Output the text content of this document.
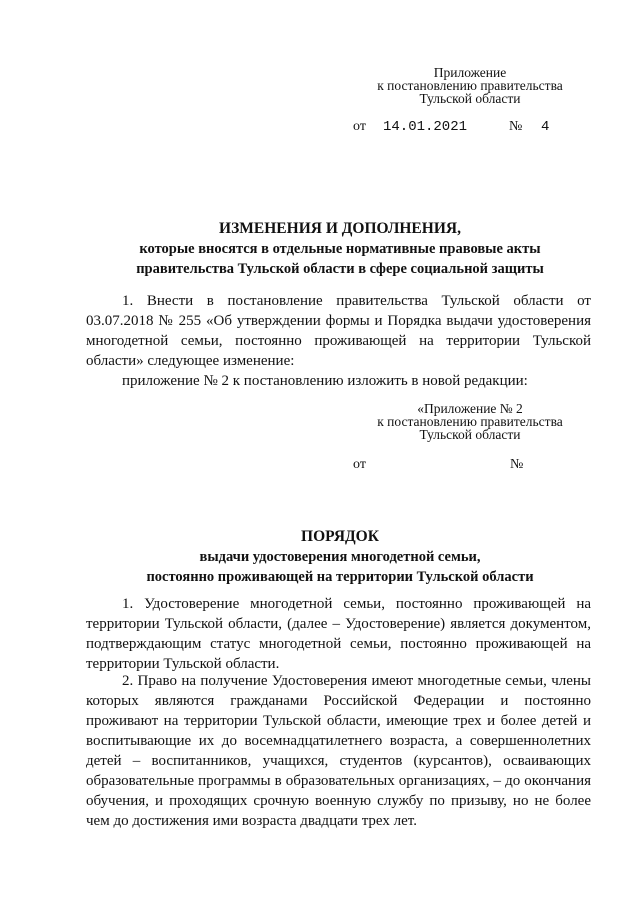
Приложение
к постановлению правительства
Тульской области
от 14.01.2021	№ 4
ИЗМЕНЕНИЯ И ДОПОЛНЕНИЯ,
которые вносятся в отдельные нормативные правовые акты
правительства Тульской области в сфере социальной защиты

1. Внести в постановление правительства Тульской области от 03.07.2018 № 255 «Об утверждении формы и Порядка выдачи удостоверения многодетной семьи, постоянно проживающей на территории Тульской области» следующее изменение:

приложение № 2 к постановлению изложить в новой редакции:

«Приложение № 2
к постановлению правительства
Тульской области
от	№
ПОРЯДОК
выдачи удостоверения многодетной семьи,
постоянно проживающей на территории Тульской области

1. Удостоверение многодетной семьи, постоянно проживающей на территории Тульской области, (далее – Удостоверение) является документом, подтверждающим статус многодетной семьи, постоянно проживающей на территории Тульской области.

2. Право на получение Удостоверения имеют многодетные семьи, члены которых являются гражданами Российской Федерации и постоянно проживают на территории Тульской области, имеющие трех и более детей и воспитывающие их до восемнадцатилетнего возраста, а совершеннолетних детей – воспитанников, учащихся, студентов (курсантов), осваивающих образовательные программы в образовательных организациях, – до окончания обучения, и проходящих срочную военную службу по призыву, но не более чем до достижения ими возраста двадцати трех лет.
